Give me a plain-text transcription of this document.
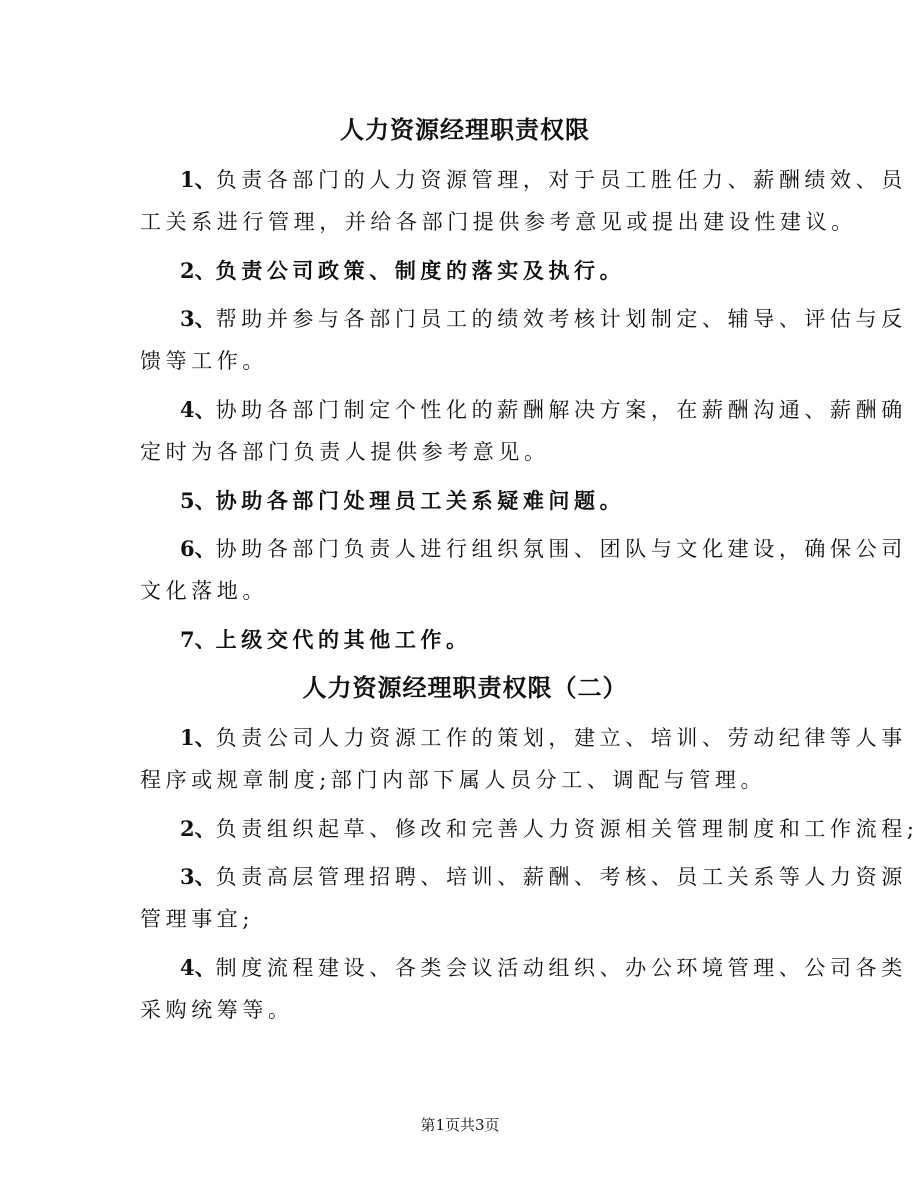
人力资源经理职责权限
1、负责各部门的人力资源管理，对于员工胜任力、薪酬绩效、员
工关系进行管理，并给各部门提供参考意见或提出建设性建议。
2、负责公司政策、制度的落实及执行。
3、帮助并参与各部门员工的绩效考核计划制定、辅导、评估与反
馈等工作。
4、协助各部门制定个性化的薪酬解决方案，在薪酬沟通、薪酬确
定时为各部门负责人提供参考意见。
5、协助各部门处理员工关系疑难问题。
6、协助各部门负责人进行组织氛围、团队与文化建设，确保公司
文化落地。
7、上级交代的其他工作。
人力资源经理职责权限（二）
1、负责公司人力资源工作的策划，建立、培训、劳动纪律等人事
程序或规章制度;部门内部下属人员分工、调配与管理。
2、负责组织起草、修改和完善人力资源相关管理制度和工作流程;
3、负责高层管理招聘、培训、薪酬、考核、员工关系等人力资源
管理事宜;
4、制度流程建设、各类会议活动组织、办公环境管理、公司各类
采购统筹等。
第1页共3页
